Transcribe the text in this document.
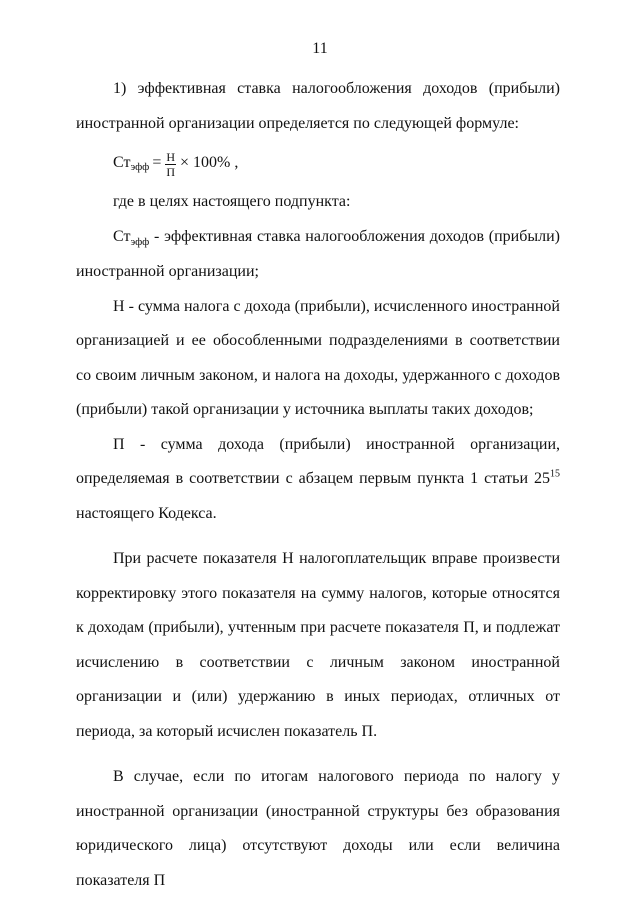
11

1) эффективная ставка налогообложения доходов (прибыли) иностранной организации определяется по следующей формуле:

Ст эфф = $\frac{Н}{П} \times 100\%$
,

где в целях настоящего подпункта:

$Ст_{эфф}$ - эффективная ставка налогообложения доходов (прибыли) иностранной организации;

Н - сумма налога с дохода (прибыли), исчисленного иностранной организацией и ее обособленными подразделениями в соответствии со своим личным законом, и налога на доходы, удержанного с доходов (прибыли) такой организации у источника выплаты таких доходов;

П - сумма дохода (прибыли) иностранной организации, определяемая в соответствии с абзацем первым пункта 1 статьи $25^{15}$ настоящего Кодекса.

При расчете показателя Н налогоплательщик вправе произвести корректировку этого показателя на сумму налогов, которые относятся к доходам (прибыли), учтенным при расчете показателя П, и подлежат исчислению в соответствии с личным законом иностранной организации и (или) удержанию в иных периодах, отличных от периода, за который исчислен показатель П.

В случае, если по итогам налогового периода по налогу у иностранной организации (иностранной структуры без образования юридического лица) отсутствуют доходы или если величина показателя П
